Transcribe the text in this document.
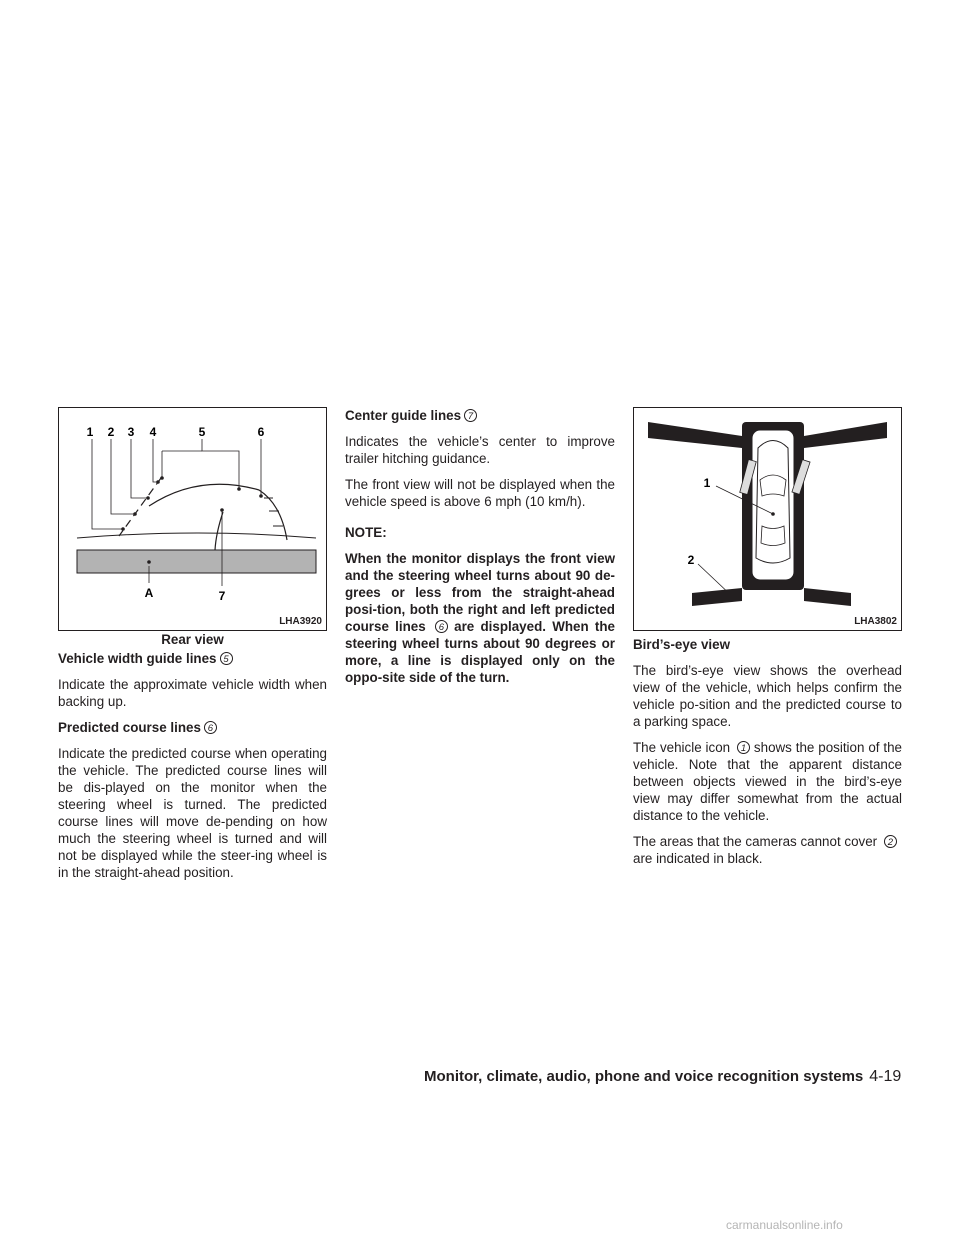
1 2 3 4	5	6
A	7
LHA3920
Rear view

Vehicle width guide lines 5

Indicate the approximate vehicle width when backing up.

Predicted course lines 6

Indicate the predicted course when operating the vehicle. The predicted course lines will be dis-played on the monitor when the steering wheel is turned. The predicted course lines will move de-pending on how much the steering wheel is turned and will not be displayed while the steer-ing wheel is in the straight-ahead position.

Center guide lines 7

Indicates the vehicle’s center to improve trailer hitching guidance.

The front view will not be displayed when the vehicle speed is above 6 mph (10 km/h).

NOTE:

When the monitor displays the front view and the steering wheel turns about 90 de-grees or less from the straight-ahead posi-tion, both the right and left predicted course lines 6 are displayed. When the steering wheel turns about 90 degrees or more, a line is displayed only on the oppo-site side of the turn.

1
2
LHA3802

Bird’s-eye view

The bird’s-eye view shows the overhead view of the vehicle, which helps confirm the vehicle po-sition and the predicted course to a parking space.

The vehicle icon 1 shows the position of the vehicle. Note that the apparent distance between objects viewed in the bird’s-eye view may differ somewhat from the actual distance to the vehicle.

The areas that the cameras cannot cover 2 are indicated in black.

Monitor, climate, audio, phone and voice recognition systems 4-19
carmanualsonline.info
